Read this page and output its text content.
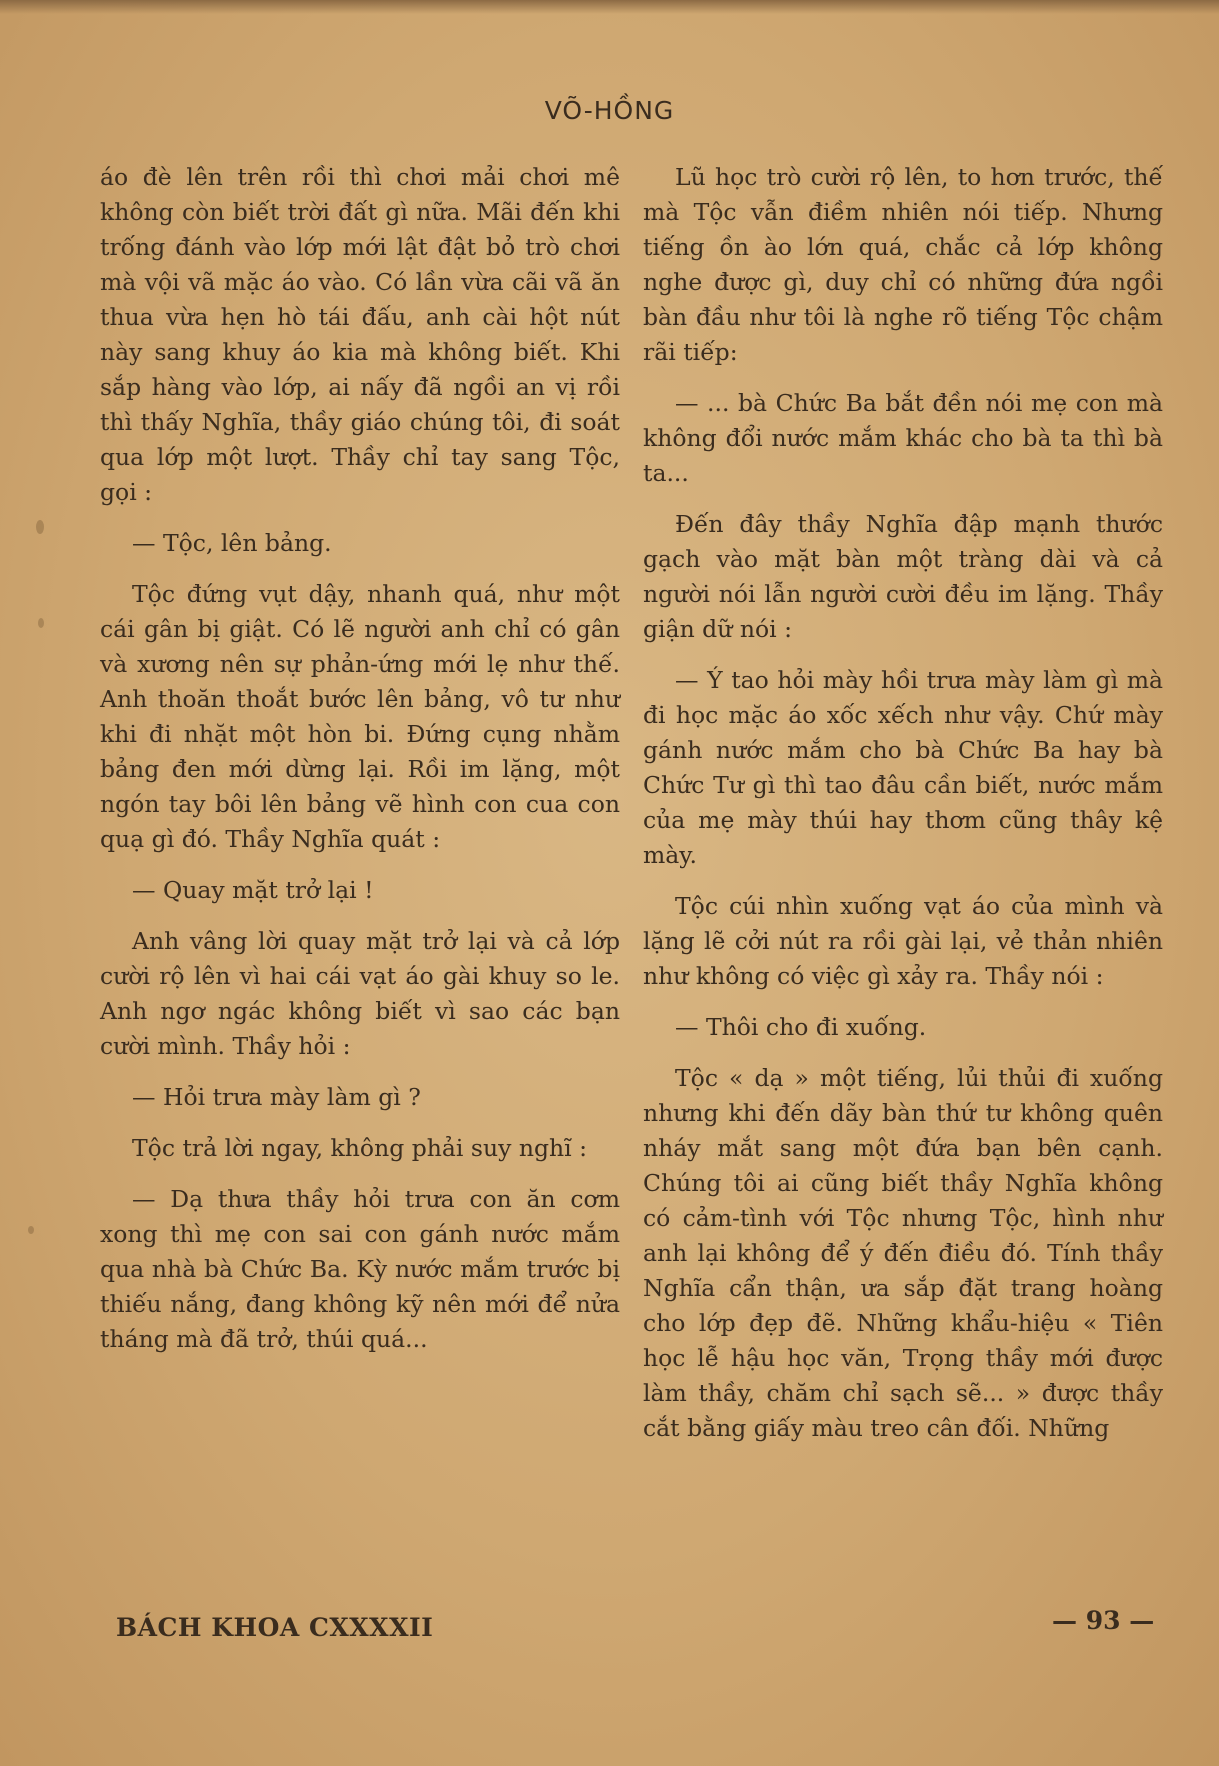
VÕ-HỒNG

áo đè lên trên rồi thì chơi mải chơi mê không còn biết trời đất gì nữa. Mãi đến khi trống đánh vào lớp mới lật đật bỏ trò chơi mà vội vã mặc áo vào. Có lần vừa cãi vã ăn thua vừa hẹn hò tái đấu, anh cài hột nút này sang khuy áo kia mà không biết. Khi sắp hàng vào lớp, ai nấy đã ngồi an vị rồi thì thấy Nghĩa, thầy giáo chúng tôi, đi soát qua lớp một lượt. Thầy chỉ tay sang Tộc, gọi :

— Tộc, lên bảng.

Tộc đứng vụt dậy, nhanh quá, như một cái gân bị giật. Có lẽ người anh chỉ có gân và xương nên sự phản-ứng mới lẹ như thế. Anh thoăn thoắt bước lên bảng, vô tư như khi đi nhặt một hòn bi. Đứng cụng nhằm bảng đen mới dừng lại. Rồi im lặng, một ngón tay bôi lên bảng vẽ hình con cua con quạ gì đó. Thầy Nghĩa quát :

— Quay mặt trở lại !

Anh vâng lời quay mặt trở lại và cả lớp cười rộ lên vì hai cái vạt áo gài khuy so le. Anh ngơ ngác không biết vì sao các bạn cười mình. Thầy hỏi :

— Hỏi trưa mày làm gì ?

Tộc trả lời ngay, không phải suy nghĩ :

— Dạ thưa thầy hỏi trưa con ăn cơm xong thì mẹ con sai con gánh nước mắm qua nhà bà Chức Ba. Kỳ nước mắm trước bị thiếu nắng, đang không kỹ nên mới để nửa tháng mà đã trở, thúi quá...

Lũ học trò cười rộ lên, to hơn trước, thế mà Tộc vẫn điềm nhiên nói tiếp. Nhưng tiếng ồn ào lớn quá, chắc cả lớp không nghe được gì, duy chỉ có những đứa ngồi bàn đầu như tôi là nghe rõ tiếng Tộc chậm rãi tiếp:

— ... bà Chức Ba bắt đền nói mẹ con mà không đổi nước mắm khác cho bà ta thì bà ta...

Đến đây thầy Nghĩa đập mạnh thước gạch vào mặt bàn một tràng dài và cả người nói lẫn người cười đều im lặng. Thầy giận dữ nói :

— Ý tao hỏi mày hồi trưa mày làm gì mà đi học mặc áo xốc xếch như vậy. Chứ mày gánh nước mắm cho bà Chức Ba hay bà Chức Tư gì thì tao đâu cần biết, nước mắm của mẹ mày thúi hay thơm cũng thây kệ mày.

Tộc cúi nhìn xuống vạt áo của mình và lặng lẽ cởi nút ra rồi gài lại, vẻ thản nhiên như không có việc gì xảy ra. Thầy nói :

— Thôi cho đi xuống.

Tộc « dạ » một tiếng, lủi thủi đi xuống nhưng khi đến dãy bàn thứ tư không quên nháy mắt sang một đứa bạn bên cạnh. Chúng tôi ai cũng biết thầy Nghĩa không có cảm-tình với Tộc nhưng Tộc, hình như anh lại không để ý đến điều đó. Tính thầy Nghĩa cẩn thận, ưa sắp đặt trang hoàng cho lớp đẹp đẽ. Những khẩu-hiệu « Tiên học lễ hậu học văn, Trọng thầy mới được làm thầy, chăm chỉ sạch sẽ... » được thầy cắt bằng giấy màu treo cân đối. Những

BÁCH KHOA CXXXXII	— 93 —
